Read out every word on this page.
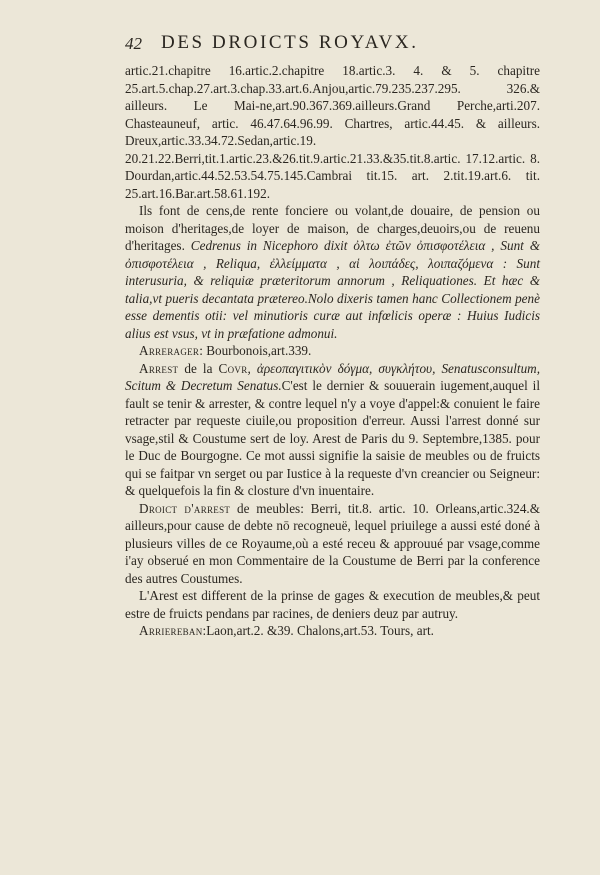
42 DES DROICTS ROYAVX.

artic.21.chapitre 16.artic.2.chapitre 18.artic.3. 4. & 5. chapitre 25.art.5.chap.27.art.3.chap.33.art.6.Anjou,artic.79.235.237.295. 326.& ailleurs. Le Mai-ne,art.90.367.369.ailleurs.Grand Perche,arti.207. Chasteauneuf, artic. 46.47.64.96.99. Chartres, artic.44.45. & ailleurs. Dreux,artic.33.34.72.Sedan,artic.19. 20.21.22.Berri,tit.1.artic.23.&26.tit.9.artic.21.33.&35.tit.8.artic. 17.12.artic. 8. Dourdan,artic.44.52.53.54.75.145.Cambrai tit.15. art. 2.tit.19.art.6. tit. 25.art.16.Bar.art.58.61.192.

Ils font de cens,de rente fonciere ou volant,de douaire, de pension ou moison d'heritages,de loyer de maison, de charges,deuoirs,ou de reuenu d'heritages. Cedrenus in Nicephoro dixit ὀλτω ἐτῶν ὀπισφοτέλεια , Sunt & ὀπισφοτέλεια , Reliqua, ἐλλείμματα , αἱ λοιπάδες, λοιπαζόμενα : Sunt interusuria, & reliquiæ præteritorum annorum , Reliquationes. Et hæc & talia,vt pueris decantata prætereo.Nolo dixeris tamen hanc Collectionem penè esse dementis otii: vel minutioris curæ aut infœlicis operæ : Huius Iudicis alius est vsus, vt in præfatione admonui.

Arrerager: Bourbonois,art.339.

Arrest de la Covr, ἀρεοπαγιτικὸν δόγμα, συγκλήτου, Senatusconsultum, Scitum & Decretum Senatus.C'est le dernier & souuerain iugement,auquel il fault se tenir & arrester, & contre lequel n'y a voye d'appel:& conuient le faire retracter par requeste ciuile,ou proposition d'erreur. Aussi l'arrest donné sur vsage,stil & Coustume sert de loy. Arest de Paris du 9. Septembre,1385. pour le Duc de Bourgogne. Ce mot aussi signifie la saisie de meubles ou de fruicts qui se faitpar vn serget ou par Iustice à la requeste d'vn creancier ou Seigneur: & quelquefois la fin & closture d'vn inuentaire.

Droict d'arrest de meubles: Berri, tit.8. artic. 10. Orleans,artic.324.& ailleurs,pour cause de debte nō recogneuë, lequel priuilege a aussi esté doné à plusieurs villes de ce Royaume,où a esté receu & approuué par vsage,comme i'ay obserué en mon Commentaire de la Coustume de Berri par la conference des autres Coustumes.

L'Arest est different de la prinse de gages & execution de meubles,& peut estre de fruicts pendans par racines, de deniers deuz par autruy.

Arriereban:Laon,art.2. &39. Chalons,art.53. Tours, art.
